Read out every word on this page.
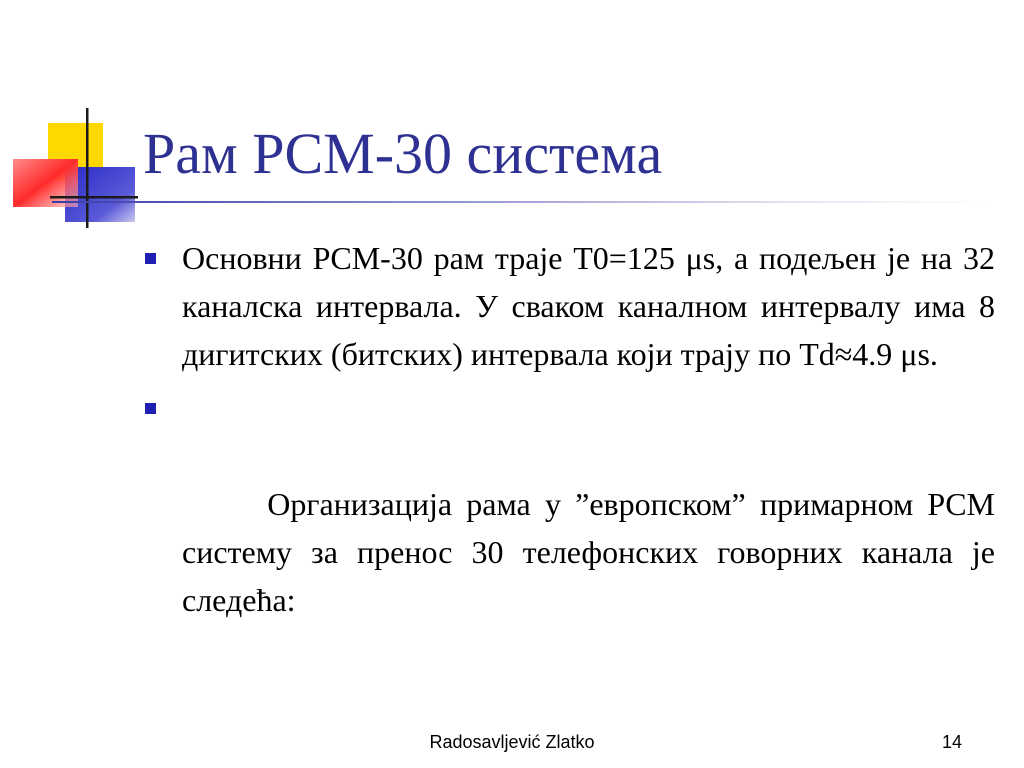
Рам PCM-30 система
Основни PCM-30 рам траје T0=125 μs, а подељен је на 32 каналска интервала. У сваком каналном интервалу има 8 дигитских (битских) интервала који трају по Td≈4.9 μs.

Организација рама у ”европском” примарном PCM систему за пренос 30 телефонских говорних канала је следећа:

Radosavljević Zlatko	14
